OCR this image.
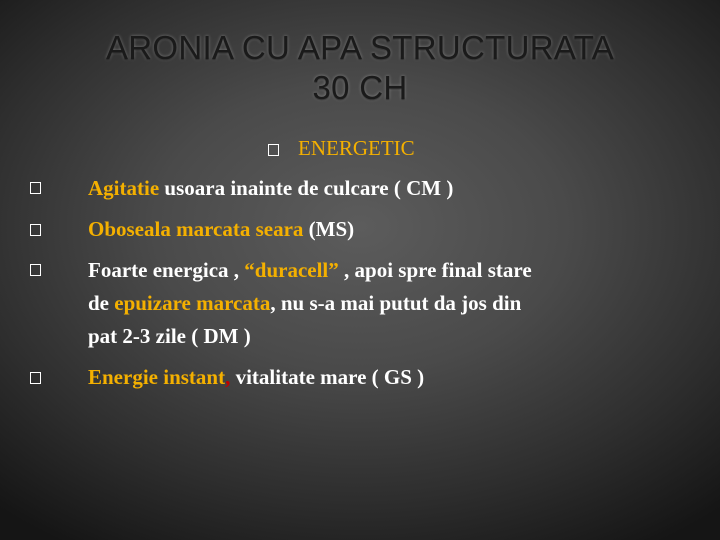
ARONIA CU APA STRUCTURATA
30 CH
ENERGETIC
Agitatie usoara inainte de culcare ( CM )
Oboseala marcata seara (MS)
Foarte energica , “duracell” , apoi spre final stare
de epuizare marcata, nu s-a mai putut da jos din
pat 2-3 zile ( DM )
Energie instant, vitalitate mare ( GS )
